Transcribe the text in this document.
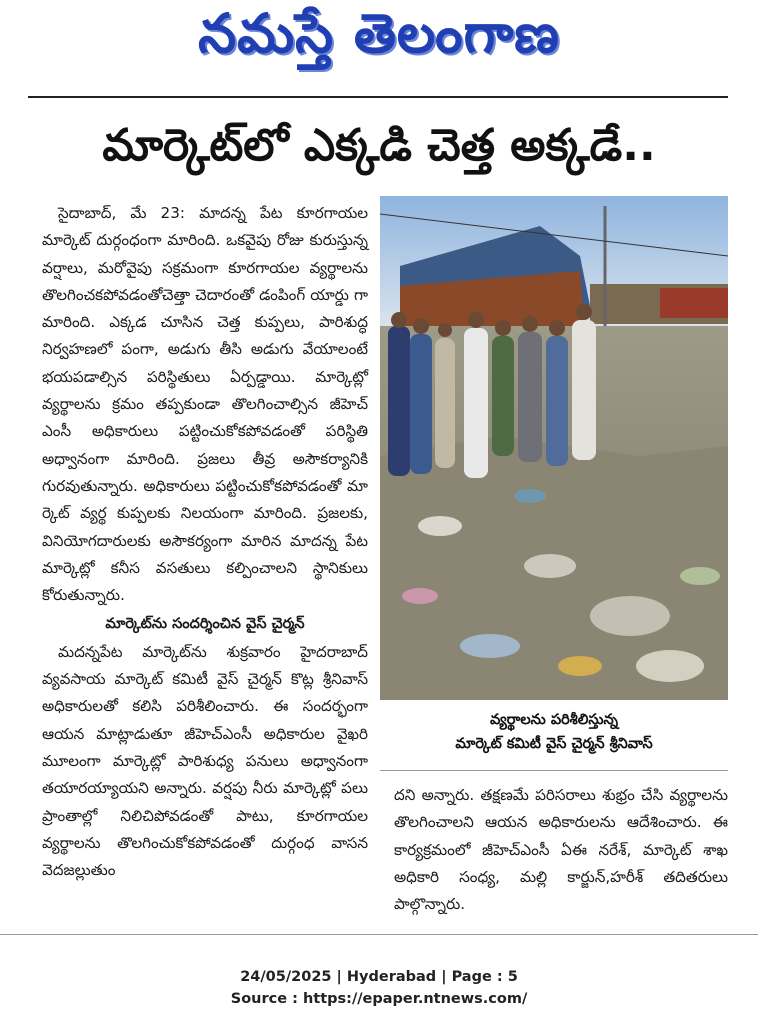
నమస్తే తెలంగాణ
మార్కెట్‌లో ఎక్కడి చెత్త అక్కడే..

సైదాబాద్, మే 23: మాదన్న పేట కూరగాయల మార్కెట్ దుర్గంధంగా మారింది. ఒకవైపు రోజు కురుస్తున్న వర్షాలు, మరోవైపు సక్రమంగా కూరగాయల వ్యర్థాలను తొలగించకపోవడంతోచెత్తా చెదారంతో డంపింగ్ యార్డు గా మారింది. ఎక్కడ చూసిన చెత్త కుప్పలు, పారిశుద్ధ నిర్వహణలో పంగా, అడుగు తీసి అడుగు వేయాలంటే భయపడాల్సిన పరిస్థితులు ఏర్పడ్డాయి. మార్కెట్లో వ్యర్థాలను క్రమం తప్పకుండా తొలగించాల్సిన జీహెచ్ ఎంసీ అధికారులు పట్టించుకోకపోవడంతో పరిస్థితి అధ్వానంగా మారింది. ప్రజలు తీవ్ర అసౌకర్యానికి గురవుతున్నారు. అధికారులు పట్టించుకోకపోవడంతో మా ర్కెట్ వ్యర్థ కుప్పలకు నిలయంగా మారింది. ప్రజలకు, వినియోగదారులకు అసౌకర్యంగా మారిన మాదన్న పేట మార్కెట్లో కనీస వసతులు కల్పించాలని స్థానికులు కోరుతున్నారు.

మార్కెట్‌ను సందర్శించిన వైస్ చైర్మన్

మదన్నపేట మార్కెట్‌ను శుక్రవారం హైదరాబాద్ వ్యవసాయ మార్కెట్ కమిటీ వైస్ చైర్మన్ కొట్ల శ్రీనివాస్ అధికారులతో కలిసి పరిశీలించారు. ఈ సందర్భంగా ఆయన మాట్లాడుతూ జీహెచ్ఎంసీ అధికారుల వైఖరి మూలంగా మార్కెట్లో పారిశుధ్య పనులు అధ్వానంగా తయారయ్యాయని అన్నారు. వర్షపు నీరు మార్కెట్లో పలు ప్రాంతాల్లో నిలిచిపోవడంతో పాటు, కూరగాయల వ్యర్థాలను తొలగించుకోకపోవడంతో దుర్గంధ వాసన వెదజల్లుతుం

వ్యర్థాలను పరిశీలిస్తున్న
మార్కెట్ కమిటీ వైస్ చైర్మన్ శ్రీనివాస్

దని అన్నారు. తక్షణమే పరిసరాలు శుభ్రం చేసి వ్యర్థాలను తొలగించాలని ఆయన అధికారులను ఆదేశించారు. ఈ కార్యక్రమంలో జీహెచ్ఎంసీ ఏఈ నరేశ్, మార్కెట్ శాఖ అధికారి సంధ్య, మల్లి కార్జున్,హరీశ్ తదితరులు పాల్గొన్నారు.

24/05/2025 | Hyderabad | Page : 5
Source : https://epaper.ntnews.com/
